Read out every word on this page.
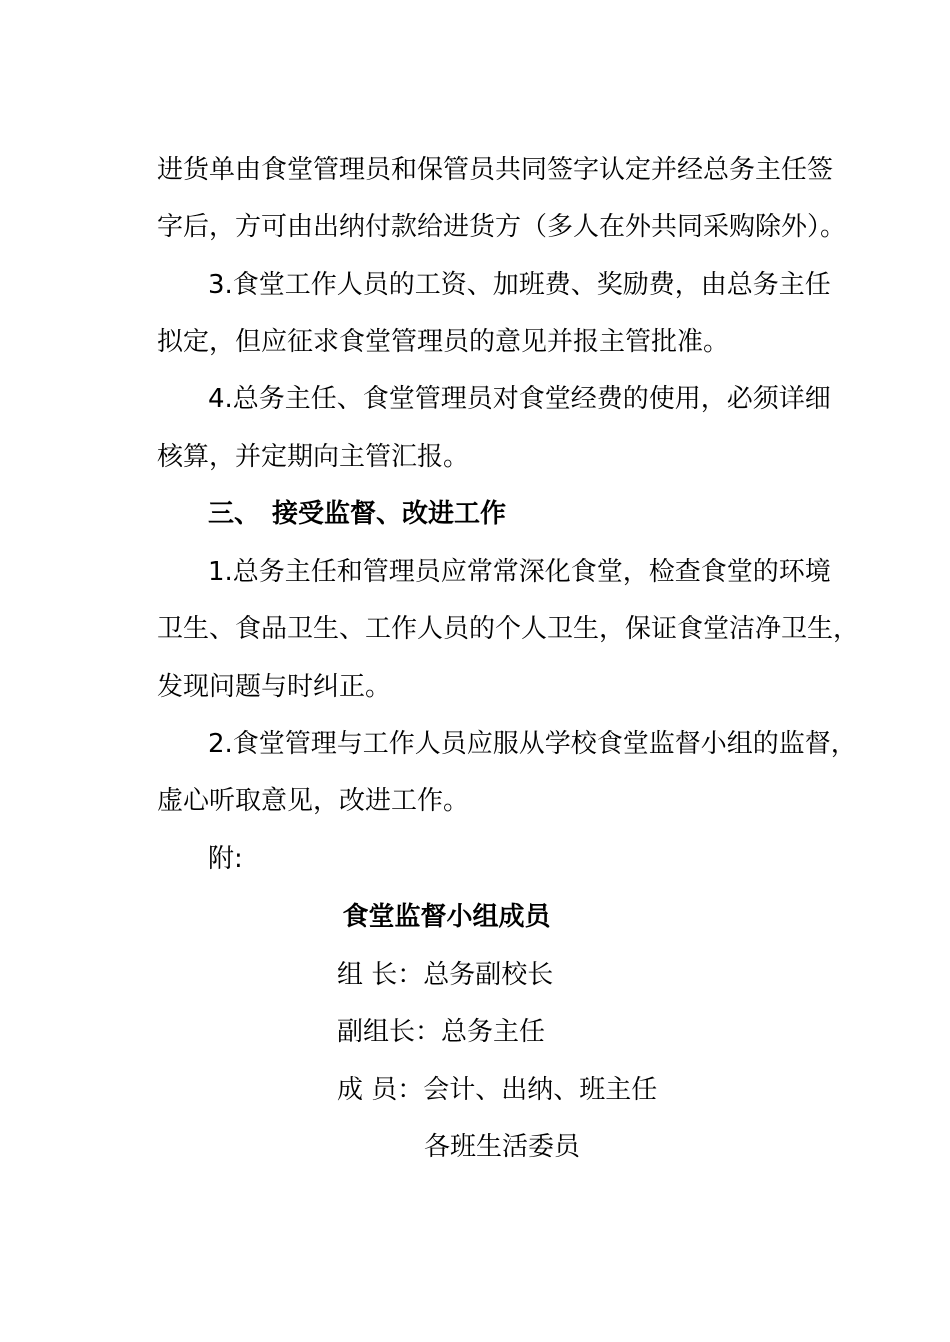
进货单由食堂管理员和保管员共同签字认定并经总务主任签
字后，方可由出纳付款给进货方（多人在外共同采购除外）。
3.食堂工作人员的工资、加班费、奖励费，由总务主任
拟定，但应征求食堂管理员的意见并报主管批准。
4.总务主任、食堂管理员对食堂经费的使用，必须详细
核算，并定期向主管汇报。
三、 接受监督、改进工作
1.总务主任和管理员应常常深化食堂，检查食堂的环境
卫生、食品卫生、工作人员的个人卫生，保证食堂洁净卫生，
发现问题与时纠正。
2.食堂管理与工作人员应服从学校食堂监督小组的监督，
虚心听取意见，改进工作。
附:
食堂监督小组成员
组 长：总务副校长
副组长：总务主任
成 员：会计、出纳、班主任
各班生活委员
